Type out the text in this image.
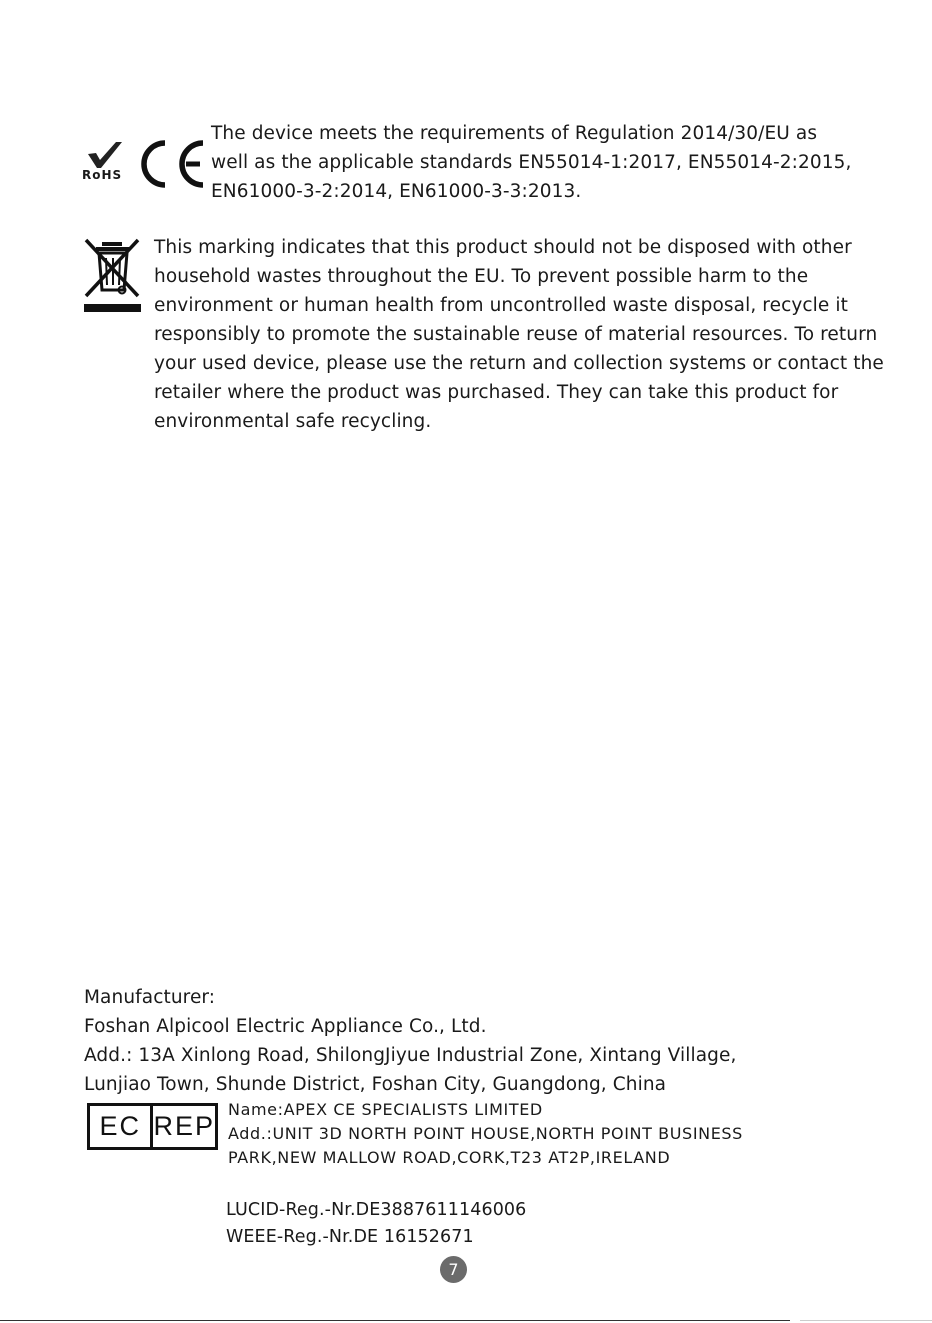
RoHS
The device meets the requirements of Regulation 2014/30/EU as
well as the applicable standards EN55014-1:2017, EN55014-2:2015,
EN61000-3-2:2014, EN61000-3-3:2013.
This marking indicates that this product should not be disposed with other
household wastes throughout the EU. To prevent possible harm to the
environment or human health from uncontrolled waste disposal, recycle it
responsibly to promote the sustainable reuse of material resources. To return
your used device, please use the return and collection systems or contact the
retailer where the product was purchased. They can take this product for
environmental safe recycling.
Manufacturer:
Foshan Alpicool Electric Appliance Co., Ltd.
Add.: 13A Xinlong Road, ShilongJiyue Industrial Zone, Xintang Village,
Lunjiao Town, Shunde District, Foshan City, Guangdong, China
EC REP
Name:APEX CE SPECIALISTS LIMITED
Add.:UNIT 3D NORTH POINT HOUSE,NORTH POINT BUSINESS
PARK,NEW MALLOW ROAD,CORK,T23 AT2P,IRELAND
LUCID-Reg.-Nr.DE3887611146006
WEEE-Reg.-Nr.DE 16152671
7
